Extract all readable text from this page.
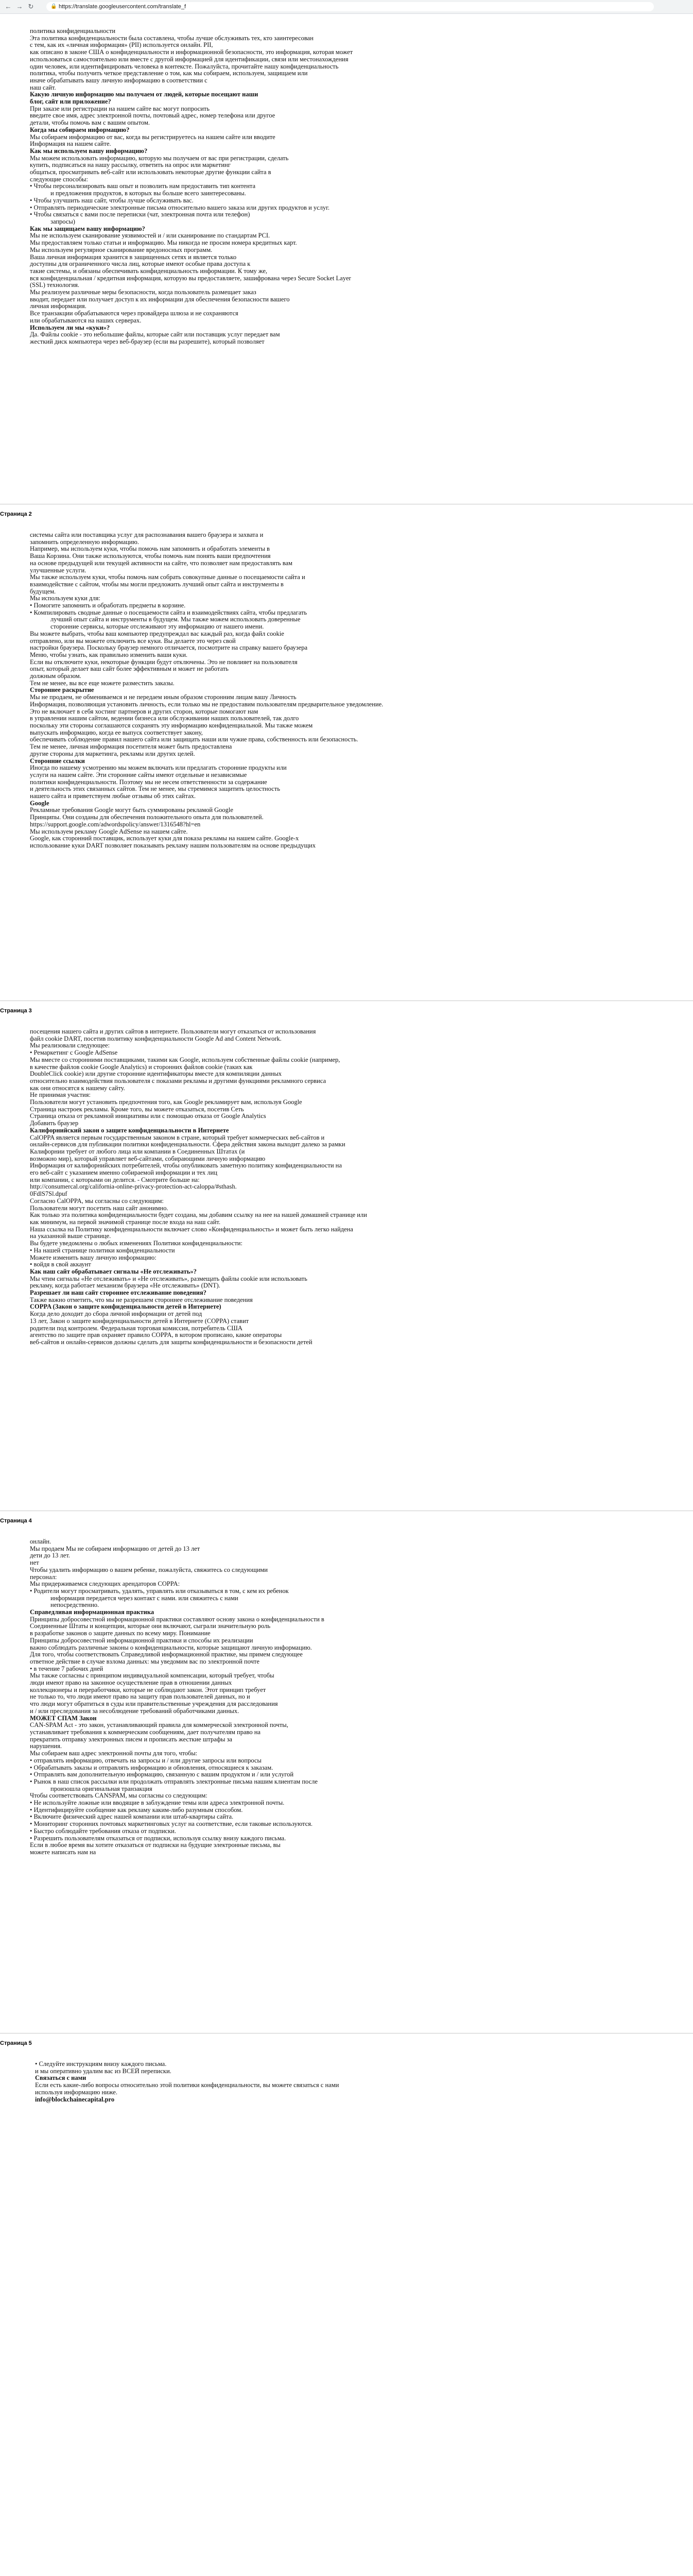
← → ↻	🔒 https://translate.googleusercontent.com/translate_f
политика конфиденциальности
Эта политика конфиденциальности была составлена, чтобы лучше обслуживать тех, кто заинтересован
с тем, как их «личная информация» (PII) используется онлайн. PII,
как описано в законе США о конфиденциальности и информационной безопасности, это информация, которая может
использоваться самостоятельно или вместе с другой информацией для идентификации, связи или местонахождения
один человек, или идентифицировать человека в контексте. Пожалуйста, прочитайте нашу конфиденциальность
политика, чтобы получить четкое представление о том, как мы собираем, используем, защищаем или
иначе обрабатывать вашу личную информацию в соответствии с
наш сайт.
Какую личную информацию мы получаем от людей, которые посещают наши
блог, сайт или приложение?
При заказе или регистрации на нашем сайте вас могут попросить
введите свое имя, адрес электронной почты, почтовый адрес, номер телефона или другое
детали, чтобы помочь вам с вашим опытом.
Когда мы собираем информацию?
Мы собираем информацию от вас, когда вы регистрируетесь на нашем сайте или вводите
Информация на нашем сайте.
Как мы используем вашу информацию?
Мы можем использовать информацию, которую мы получаем от вас при регистрации, сделать
купить, подписаться на нашу рассылку, ответить на опрос или маркетинг
общаться, просматривать веб-сайт или использовать некоторые другие функции сайта в
следующие способы:
• Чтобы персонализировать ваш опыт и позволить нам предоставить тип контента
и предложения продуктов, в которых вы больше всего заинтересованы.
• Чтобы улучшить наш сайт, чтобы лучше обслуживать вас.
• Отправлять периодические электронные письма относительно вашего заказа или других продуктов и услуг.
• Чтобы связаться с вами после переписки (чат, электронная почта или телефон)
запросы)
Как мы защищаем вашу информацию?
Мы не используем сканирование уязвимостей и / или сканирование по стандартам PCI.
Мы предоставляем только статьи и информацию. Мы никогда не просим номера кредитных карт.
Мы используем регулярное сканирование вредоносных программ.
Ваша личная информация хранится в защищенных сетях и является только
доступны для ограниченного числа лиц, которые имеют особые права доступа к
такие системы, и обязаны обеспечивать конфиденциальность информации. К тому же,
вся конфиденциальная / кредитная информация, которую вы предоставляете, зашифрована через Secure Socket Layer
(SSL) технология.
Мы реализуем различные меры безопасности, когда пользователь размещает заказ
вводит, передает или получает доступ к их информации для обеспечения безопасности вашего
личная информация.
Все транзакции обрабатываются через провайдера шлюза и не сохраняются
или обрабатываются на наших серверах.
Используем ли мы «куки»?
Да. Файлы cookie - это небольшие файлы, которые сайт или поставщик услуг передает вам
жесткий диск компьютера через веб-браузер (если вы разрешите), который позволяет
Страница 2
системы сайта или поставщика услуг для распознавания вашего браузера и захвата и
запомнить определенную информацию.
Например, мы используем куки, чтобы помочь нам запомнить и обработать элементы в
Ваша Корзина. Они также используются, чтобы помочь нам понять ваши предпочтения
на основе предыдущей или текущей активности на сайте, что позволяет нам предоставлять вам
улучшенные услуги.
Мы также используем куки, чтобы помочь нам собрать совокупные данные о посещаемости сайта и
взаимодействие с сайтом, чтобы мы могли предложить лучший опыт сайта и инструменты в
будущем.
Мы используем куки для:
• Помогите запомнить и обработать предметы в корзине.
• Компилировать сводные данные о посещаемости сайта и взаимодействиях сайта, чтобы предлагать
лучший опыт сайта и инструменты в будущем. Мы также можем использовать доверенные
сторонние сервисы, которые отслеживают эту информацию от нашего имени.
Вы можете выбрать, чтобы ваш компьютер предупреждал вас каждый раз, когда файл cookie
отправлено, или вы можете отключить все куки. Вы делаете это через свой
настройки браузера. Поскольку браузер немного отличается, посмотрите на справку вашего браузера
Меню, чтобы узнать, как правильно изменить ваши куки.
Если вы отключите куки, некоторые функции будут отключены. Это не повлияет на пользователя
опыт, который делает ваш сайт более эффективным и может не работать
должным образом.
Тем не менее, вы все еще можете разместить заказы.
Стороннее раскрытие
Мы не продаем, не обмениваемся и не передаем иным образом сторонним лицам вашу Личность
Информация, позволяющая установить личность, если только мы не предоставим пользователям предварительное уведомление.
Это не включает в себя хостинг партнеров и других сторон, которые помогают нам
в управлении нашим сайтом, ведении бизнеса или обслуживании наших пользователей, так долго
поскольку эти стороны соглашаются сохранять эту информацию конфиденциальной. Мы также можем
выпускать информацию, когда ее выпуск соответствует закону,
обеспечивать соблюдение правил нашего сайта или защищать наши или чужие права, собственность или безопасность.
Тем не менее, личная информация посетителя может быть предоставлена
другие стороны для маркетинга, рекламы или других целей.
Сторонние ссылки
Иногда по нашему усмотрению мы можем включать или предлагать сторонние продукты или
услуги на нашем сайте. Эти сторонние сайты имеют отдельные и независимые
политики конфиденциальности. Поэтому мы не несем ответственности за содержание
и деятельность этих связанных сайтов. Тем не менее, мы стремимся защитить целостность
нашего сайта и приветствуем любые отзывы об этих сайтах.
Google
Рекламные требования Google могут быть суммированы рекламой Google
Принципы. Они созданы для обеспечения положительного опыта для пользователей.
https://support.google.com/adwordspolicy/answer/1316548?hl=en
Мы используем рекламу Google AdSense на нашем сайте.
Google, как сторонний поставщик, использует куки для показа рекламы на нашем сайте. Google-х
использование куки DART позволяет показывать рекламу нашим пользователям на основе предыдущих
Страница 3
посещения нашего сайта и других сайтов в интернете. Пользователи могут отказаться от использования
файл cookie DART, посетив политику конфиденциальности Google Ad and Content Network.
Мы реализовали следующее:
• Ремаркетинг с Google AdSense
Мы вместе со сторонними поставщиками, такими как Google, используем собственные файлы cookie (например,
в качестве файлов cookie Google Analytics) и сторонних файлов cookie (таких как
DoubleClick cookie) или другие сторонние идентификаторы вместе для компиляции данных
относительно взаимодействия пользователя с показами рекламы и другими функциями рекламного сервиса
как они относятся к нашему сайту.
Не принимая участия:
Пользователи могут установить предпочтения того, как Google рекламирует вам, используя Google
Страница настроек рекламы. Кроме того, вы можете отказаться, посетив Сеть
Страница отказа от рекламной инициативы или с помощью отказа от Google Analytics
Добавить браузер
Калифорнийский закон о защите конфиденциальности в Интернете
CalOPPA является первым государственным законом в стране, который требует коммерческих веб-сайтов и
онлайн-сервисов для публикации политики конфиденциальности. Сфера действия закона выходит далеко за рамки
Калифорнии требует от любого лица или компании в Соединенных Штатах (и
возможно мир), который управляет веб-сайтами, собирающими личную информацию
Информация от калифорнийских потребителей, чтобы опубликовать заметную политику конфиденциальности на
его веб-сайт с указанием именно собираемой информации и тех лиц
или компании, с которыми он делится. - Смотрите больше на:
http://consumercal.org/california-online-privacy-protection-act-caloppa/#sthash.
0FdlS7Sl.dpuf
Согласно CalOPPA, мы согласны со следующим:
Пользователи могут посетить наш сайт анонимно.
Как только эта политика конфиденциальности будет создана, мы добавим ссылку на нее на нашей домашней странице или
как минимум, на первой значимой странице после входа на наш сайт.
Наша ссылка на Политику конфиденциальности включает слово «Конфиденциальность» и может быть легко найдена
на указанной выше странице.
Вы будете уведомлены о любых изменениях Политики конфиденциальности:
• На нашей странице политики конфиденциальности
Можете изменить вашу личную информацию:
• войдя в свой аккаунт
Как наш сайт обрабатывает сигналы «Не отслеживать»?
Мы чтим сигналы «Не отслеживать» и «Не отслеживать», размещать файлы cookie или использовать
рекламу, когда работает механизм браузера «Не отслеживать» (DNT).
Разрешает ли наш сайт стороннее отслеживание поведения?
Также важно отметить, что мы не разрешаем стороннее отслеживание поведения
COPPA (Закон о защите конфиденциальности детей в Интернете)
Когда дело доходит до сбора личной информации от детей под
13 лет, Закон о защите конфиденциальности детей в Интернете (COPPA) ставит
родители под контролем. Федеральная торговая комиссия, потребитель США
агентство по защите прав охраняет правило COPPA, в котором прописано, какие операторы
веб-сайтов и онлайн-сервисов должны сделать для защиты конфиденциальности и безопасности детей
Страница 4
онлайн.
Мы продаем Мы не собираем информацию от детей до 13 лет
дети до 13 лет.
нет
Чтобы удалить информацию о вашем ребенке, пожалуйста, свяжитесь со следующими
персонал:
Мы придерживаемся следующих арендаторов COPPA:
• Родители могут просматривать, удалять, управлять или отказываться в том, с кем их ребенок
информация передается через контакт с нами. или свяжитесь с нами
непосредственно.
Справедливая информационная практика
Принципы добросовестной информационной практики составляют основу закона о конфиденциальности в
Соединенные Штаты и концепции, которые они включают, сыграли значительную роль
в разработке законов о защите данных по всему миру. Понимание
Принципы добросовестной информационной практики и способы их реализации
важно соблюдать различные законы о конфиденциальности, которые защищают личную информацию.
Для того, чтобы соответствовать Справедливой информационной практике, мы примем следующее
ответное действие в случае взлома данных: мы уведомим вас по электронной почте
• в течение 7 рабочих дней
Мы также согласны с принципом индивидуальной компенсации, который требует, чтобы
люди имеют право на законное осуществление прав в отношении данных
коллекционеры и переработчики, которые не соблюдают закон. Этот принцип требует
не только то, что люди имеют право на защиту прав пользователей данных, но и
что люди могут обратиться в суды или правительственные учреждения для расследования
и / или преследования за несоблюдение требований обработчиками данных.
МОЖЕТ СПАМ Закон
CAN-SPAM Act - это закон, устанавливающий правила для коммерческой электронной почты,
устанавливает требования к коммерческим сообщениям, дает получателям право на
прекратить отправку электронных писем и прописать жесткие штрафы за
нарушения.
Мы собираем ваш адрес электронной почты для того, чтобы:
• отправлять информацию, отвечать на запросы и / или другие запросы или вопросы
• Обрабатывать заказы и отправлять информацию и обновления, относящиеся к заказам.
• Отправлять вам дополнительную информацию, связанную с вашим продуктом и / или услугой
• Рынок в наш список рассылки или продолжать отправлять электронные письма нашим клиентам после
произошла оригинальная транзакция
Чтобы соответствовать CANSPAM, мы согласны со следующим:
• Не используйте ложные или вводящие в заблуждение темы или адреса электронной почты.
• Идентифицируйте сообщение как рекламу каким-либо разумным способом.
• Включите физический адрес нашей компании или штаб-квартиры сайта.
• Мониторинг сторонних почтовых маркетинговых услуг на соответствие, если таковые используются.
• Быстро соблюдайте требования отказа от подписки.
• Разрешить пользователям отказаться от подписки, используя ссылку внизу каждого письма.
Если в любое время вы хотите отказаться от подписки на будущие электронные письма, вы
можете написать нам на
Страница 5
• Следуйте инструкциям внизу каждого письма.
и мы оперативно удалим вас из ВСЕЙ переписки.
Связаться с нами
Если есть какие-либо вопросы относительно этой политики конфиденциальности, вы можете связаться с нами
используя информацию ниже.
info@blockchainecapital.pro
